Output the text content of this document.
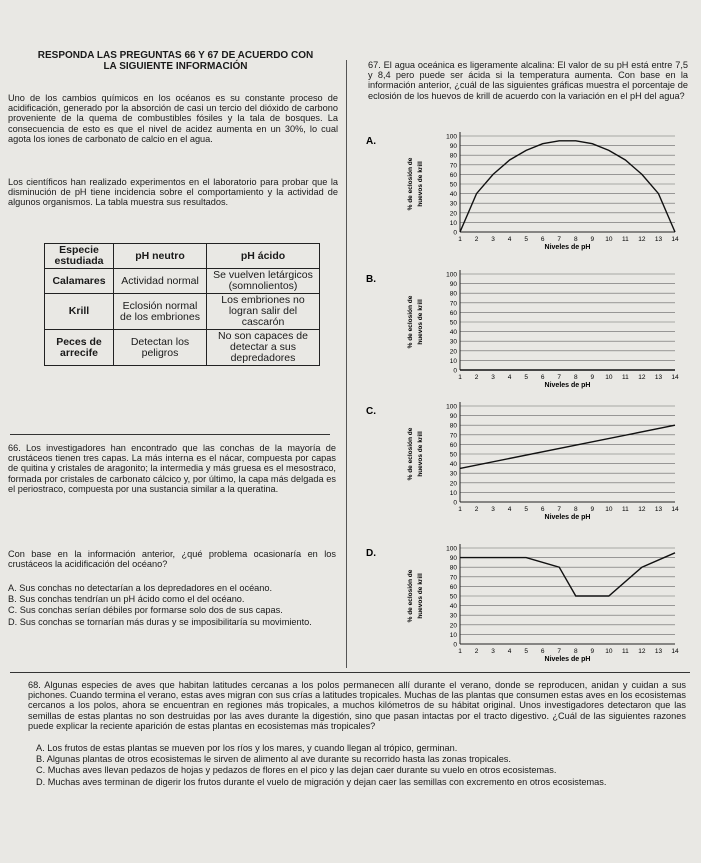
RESPONDA LAS PREGUNTAS 66 Y 67 DE ACUERDO CON
LA SIGUIENTE INFORMACIÓN
Uno de los cambios químicos en los océanos es su constante proceso de acidificación, generado por la absorción de casi un tercio del dióxido de carbono proveniente de la quema de combustibles fósiles y la tala de bosques. La consecuencia de esto es que el nivel de acidez aumenta en un 30%, lo cual agota los iones de carbonato de calcio en el agua.
Los científicos han realizado experimentos en el laboratorio para probar que la disminución de pH tiene incidencia sobre el comportamiento y la actividad de algunos organismos. La tabla muestra sus resultados.
Especie estudiada	pH neutro	pH ácido
Calamares	Actividad normal	Se vuelven letárgicos (somnolientos)
Krill	Eclosión normal de los embriones	Los embriones no logran salir del cascarón
Peces de arrecife	Detectan los peligros	No son capaces de detectar a sus depredadores
66. Los investigadores han encontrado que las conchas de la mayoría de crustáceos tienen tres capas. La más interna es el nácar, compuesta por capas de quitina y cristales de aragonito; la intermedia y más gruesa es el mesostraco, formada por cristales de carbonato cálcico y, por último, la capa más delgada es el periostraco, compuesta por una sustancia similar a la queratina.
Con base en la información anterior, ¿qué problema ocasionaría en los crustáceos la acidificación del océano?
A. Sus conchas no detectarían a los depredadores en el océano.
B. Sus conchas tendrían un pH ácido como el del océano.
C. Sus conchas serían débiles por formarse solo dos de sus capas.
D. Sus conchas se tornarían más duras y se imposibilitaría su movimiento.
67. El agua oceánica es ligeramente alcalina: El valor de su pH está entre 7,5 y 8,4 pero puede ser ácida si la temperatura aumenta. Con base en la información anterior, ¿cuál de las siguientes gráficas muestra el porcentaje de eclosión de los huevos de krill de acuerdo con la variación en el pH del agua?
A.	100
90
80
70
60
50
40
30
20
10
0
1 2 3 4 5 6 7 8 9 10 11 12 13 14
Niveles de pH
% de eclosión de huevos de krill
B.	100
90
80
70
60
50
40
30
20
10
0
1 2 3 4 5 6 7 8 9 10 11 12 13 14
Niveles de pH
% de eclosión de huevos de krill
C.	100
90
80
70
60
50
40
30
20
10
0
1 2 3 4 5 6 7 8 9 10 11 12 13 14
Niveles de pH
% de eclosión de huevos de krill
D.	100
90
80
70
60
50
40
30
20
10
0
1 2 3 4 5 6 7 8 9 10 11 12 13 14
Niveles de pH
% de eclosión de huevos de krill
68. Algunas especies de aves que habitan latitudes cercanas a los polos permanecen allí durante el verano, donde se reproducen, anidan y cuidan a sus pichones. Cuando termina el verano, estas aves migran con sus crías a latitudes tropicales. Muchas de las plantas que consumen estas aves en los ecosistemas cercanos a los polos, ahora se encuentran en regiones más tropicales, a muchos kilómetros de su hábitat original. Unos investigadores detectaron que las semillas de estas plantas no son destruidas por las aves durante la digestión, sino que pasan intactas por el tracto digestivo. ¿Cuál de las siguientes razones puede explicar la reciente aparición de estas plantas en ecosistemas más tropicales?
A. Los frutos de estas plantas se mueven por los ríos y los mares, y cuando llegan al trópico, germinan.
B. Algunas plantas de otros ecosistemas le sirven de alimento al ave durante su recorrido hasta las zonas tropicales.
C. Muchas aves llevan pedazos de hojas y pedazos de flores en el pico y las dejan caer durante su vuelo en otros ecosistemas.
D. Muchas aves terminan de digerir los frutos durante el vuelo de migración y dejan caer las semillas con excremento en otros ecosistemas.
